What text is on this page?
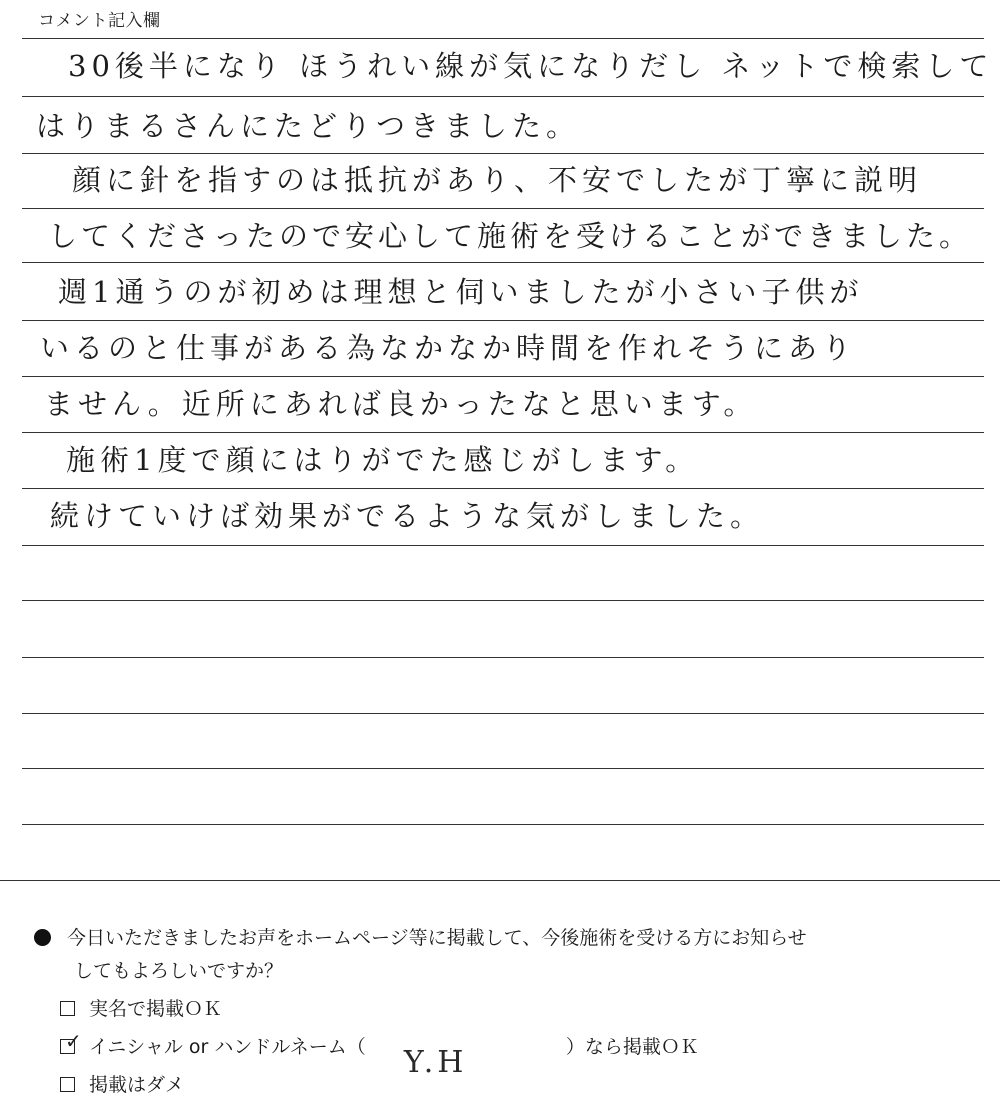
コメント記入欄
30後半になり ほうれい線が気になりだし ネットで検索して
はりまるさんにたどりつきました。
顔に針を指すのは抵抗があり、不安でしたが丁寧に説明
してくださったので安心して施術を受けることができました。
週1通うのが初めは理想と伺いましたが小さい子供が
いるのと仕事がある為なかなか時間を作れそうにあり
ません。近所にあれば良かったなと思います。
施術1度で顔にはりがでた感じがします。
続けていけば効果がでるような気がしました。
今日いただきましたお声をホームページ等に掲載して、今後施術を受ける方にお知らせ
してもよろしいですか？
実名で掲載ＯＫ
✓ イニシャル or ハンドルネーム（ Y.H	）なら掲載ＯＫ
掲載はダメ
